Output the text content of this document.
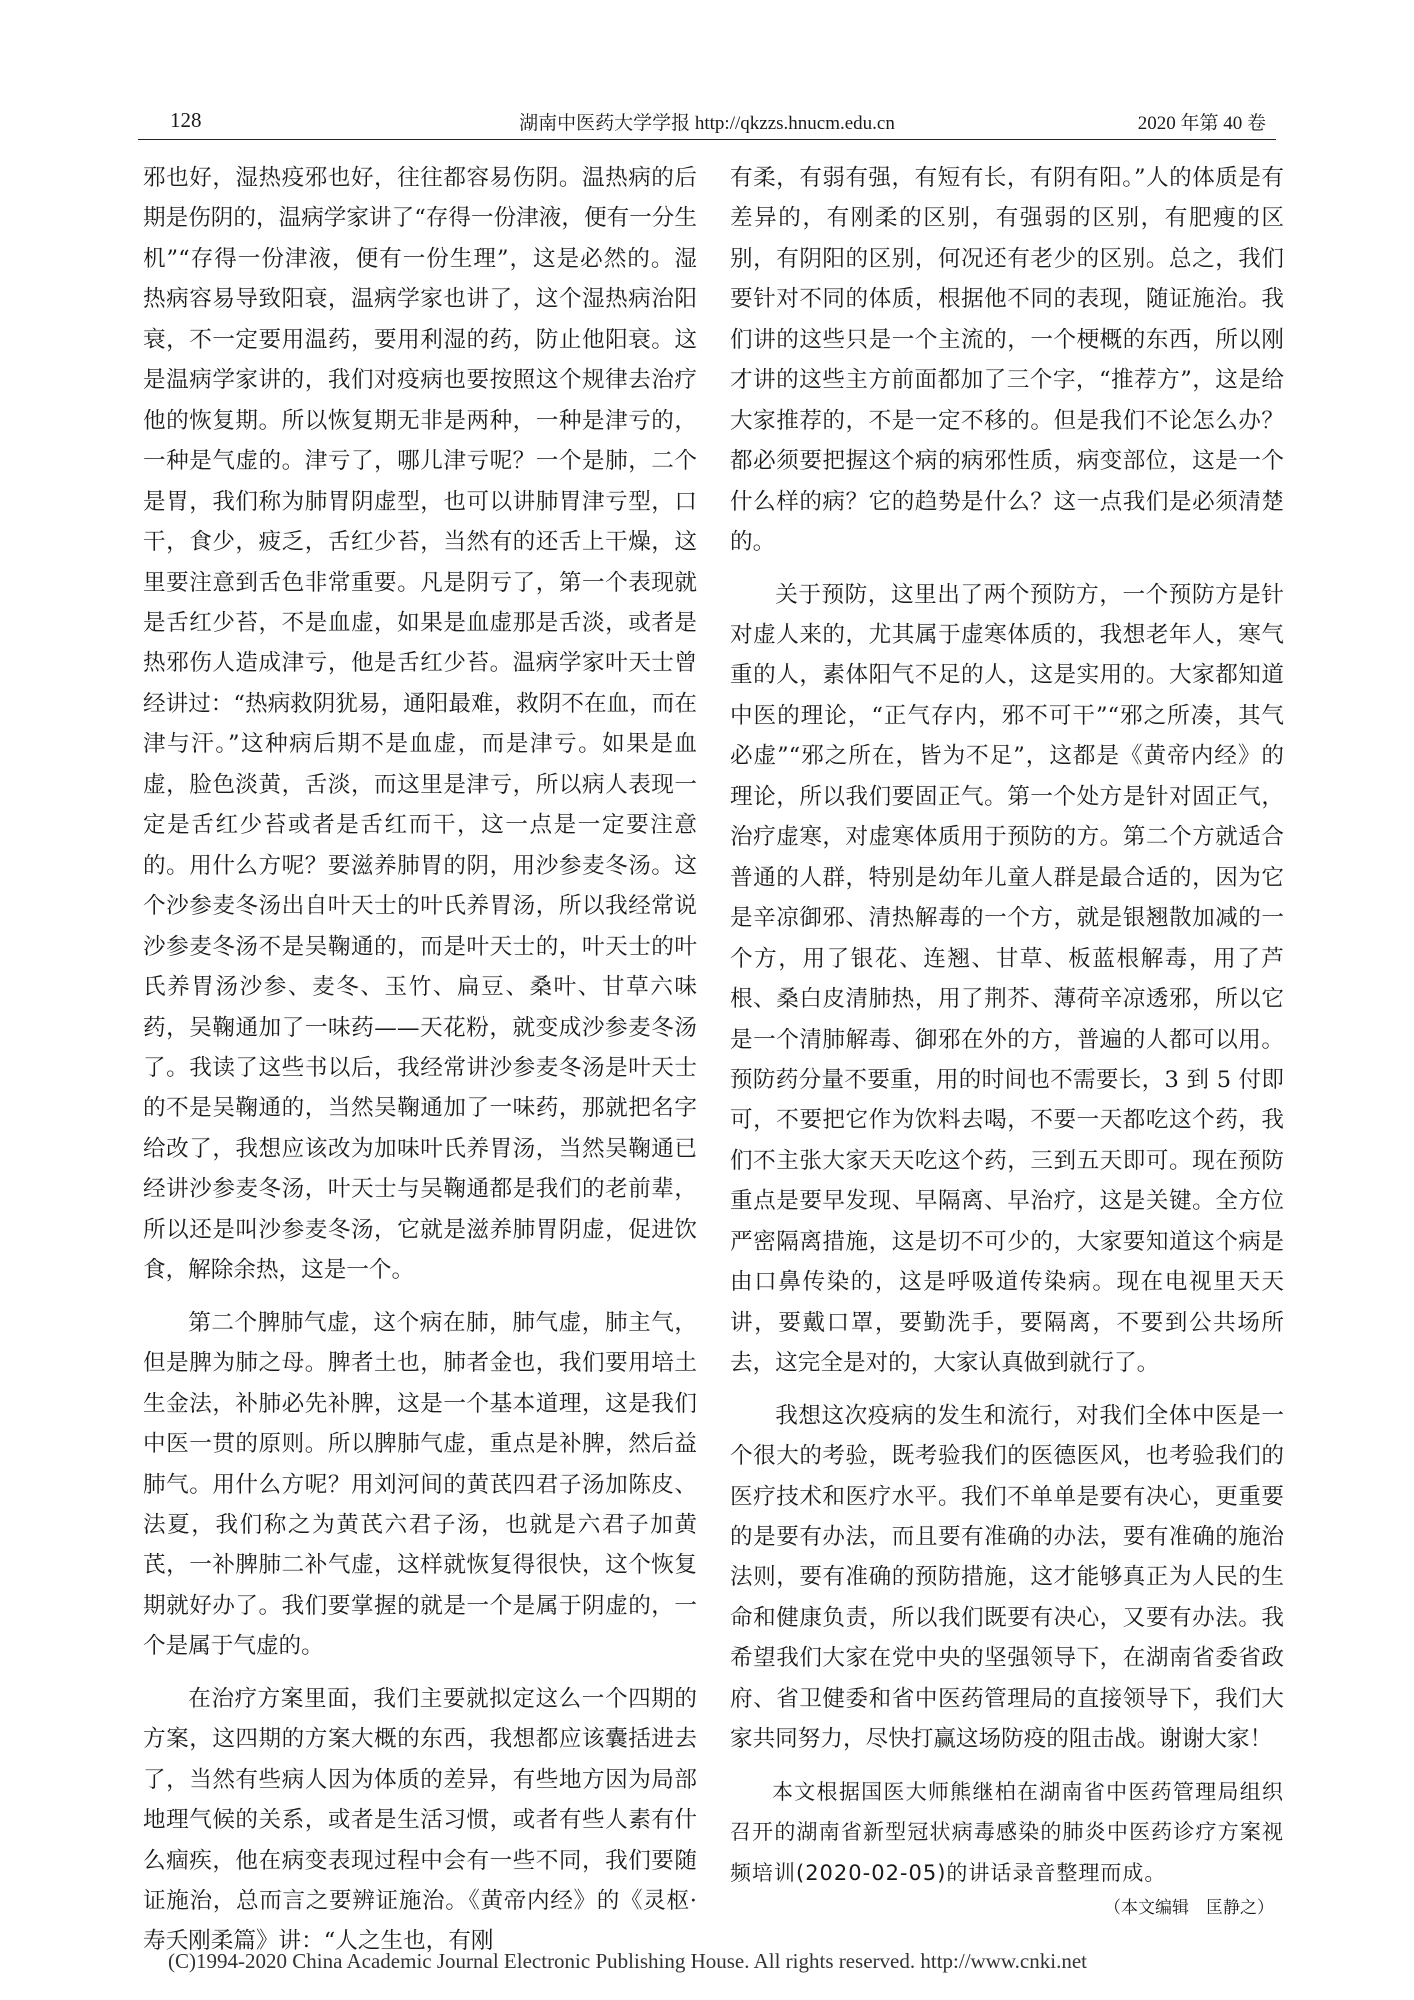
128	湖南中医药大学学报 http://qkzzs.hnucm.edu.cn	2020 年第 40 卷

邪也好，湿热疫邪也好，往往都容易伤阴。温热病的后期是伤阴的，温病学家讲了“存得一份津液，便有一分生机”“存得一份津液，便有一份生理”，这是必然的。湿热病容易导致阳衰，温病学家也讲了，这个湿热病治阳衰，不一定要用温药，要用利湿的药，防止他阳衰。这是温病学家讲的，我们对疫病也要按照这个规律去治疗他的恢复期。所以恢复期无非是两种，一种是津亏的，一种是气虚的。津亏了，哪儿津亏呢？一个是肺，二个是胃，我们称为肺胃阴虚型，也可以讲肺胃津亏型，口干，食少，疲乏，舌红少苔，当然有的还舌上干燥，这里要注意到舌色非常重要。凡是阴亏了，第一个表现就是舌红少苔，不是血虚，如果是血虚那是舌淡，或者是热邪伤人造成津亏，他是舌红少苔。温病学家叶天士曾经讲过：“热病救阴犹易，通阳最难，救阴不在血，而在津与汗。”这种病后期不是血虚，而是津亏。如果是血虚，脸色淡黄，舌淡，而这里是津亏，所以病人表现一定是舌红少苔或者是舌红而干，这一点是一定要注意的。用什么方呢？要滋养肺胃的阴，用沙参麦冬汤。这个沙参麦冬汤出自叶天士的叶氏养胃汤，所以我经常说沙参麦冬汤不是吴鞠通的，而是叶天士的，叶天士的叶氏养胃汤沙参、麦冬、玉竹、扁豆、桑叶、甘草六味药，吴鞠通加了一味药——天花粉，就变成沙参麦冬汤了。我读了这些书以后，我经常讲沙参麦冬汤是叶天士的不是吴鞠通的，当然吴鞠通加了一味药，那就把名字给改了，我想应该改为加味叶氏养胃汤，当然吴鞠通已经讲沙参麦冬汤，叶天士与吴鞠通都是我们的老前辈，所以还是叫沙参麦冬汤，它就是滋养肺胃阴虚，促进饮食，解除余热，这是一个。

第二个脾肺气虚，这个病在肺，肺气虚，肺主气，但是脾为肺之母。脾者土也，肺者金也，我们要用培土生金法，补肺必先补脾，这是一个基本道理，这是我们中医一贯的原则。所以脾肺气虚，重点是补脾，然后益肺气。用什么方呢？用刘河间的黄芪四君子汤加陈皮、法夏，我们称之为黄芪六君子汤，也就是六君子加黄芪，一补脾肺二补气虚，这样就恢复得很快，这个恢复期就好办了。我们要掌握的就是一个是属于阴虚的，一个是属于气虚的。

在治疗方案里面，我们主要就拟定这么一个四期的方案，这四期的方案大概的东西，我想都应该囊括进去了，当然有些病人因为体质的差异，有些地方因为局部地理气候的关系，或者是生活习惯，或者有些人素有什么痼疾，他在病变表现过程中会有一些不同，我们要随证施治，总而言之要辨证施治。《黄帝内经》的《灵枢·寿夭刚柔篇》讲：“人之生也，有刚

有柔，有弱有强，有短有长，有阴有阳。”人的体质是有差异的，有刚柔的区别，有强弱的区别，有肥瘦的区别，有阴阳的区别，何况还有老少的区别。总之，我们要针对不同的体质，根据他不同的表现，随证施治。我们讲的这些只是一个主流的，一个梗概的东西，所以刚才讲的这些主方前面都加了三个字，“推荐方”，这是给大家推荐的，不是一定不移的。但是我们不论怎么办？都必须要把握这个病的病邪性质，病变部位，这是一个什么样的病？它的趋势是什么？这一点我们是必须清楚的。

关于预防，这里出了两个预防方，一个预防方是针对虚人来的，尤其属于虚寒体质的，我想老年人，寒气重的人，素体阳气不足的人，这是实用的。大家都知道中医的理论，“正气存内，邪不可干”“邪之所凑，其气必虚”“邪之所在，皆为不足”，这都是《黄帝内经》的理论，所以我们要固正气。第一个处方是针对固正气，治疗虚寒，对虚寒体质用于预防的方。第二个方就适合普通的人群，特别是幼年儿童人群是最合适的，因为它是辛凉御邪、清热解毒的一个方，就是银翘散加减的一个方，用了银花、连翘、甘草、板蓝根解毒，用了芦根、桑白皮清肺热，用了荆芥、薄荷辛凉透邪，所以它是一个清肺解毒、御邪在外的方，普遍的人都可以用。预防药分量不要重，用的时间也不需要长，3 到 5 付即可，不要把它作为饮料去喝，不要一天都吃这个药，我们不主张大家天天吃这个药，三到五天即可。现在预防重点是要早发现、早隔离、早治疗，这是关键。全方位严密隔离措施，这是切不可少的，大家要知道这个病是由口鼻传染的，这是呼吸道传染病。现在电视里天天讲，要戴口罩，要勤洗手，要隔离，不要到公共场所去，这完全是对的，大家认真做到就行了。

我想这次疫病的发生和流行，对我们全体中医是一个很大的考验，既考验我们的医德医风，也考验我们的医疗技术和医疗水平。我们不单单是要有决心，更重要的是要有办法，而且要有准确的办法，要有准确的施治法则，要有准确的预防措施，这才能够真正为人民的生命和健康负责，所以我们既要有决心，又要有办法。我希望我们大家在党中央的坚强领导下，在湖南省委省政府、省卫健委和省中医药管理局的直接领导下，我们大家共同努力，尽快打赢这场防疫的阻击战。谢谢大家！

本文根据国医大师熊继柏在湖南省中医药管理局组织召开的湖南省新型冠状病毒感染的肺炎中医药诊疗方案视频培训(2020-02-05)的讲话录音整理而成。

（本文编辑　匡静之）

(C)1994-2020 China Academic Journal Electronic Publishing House. All rights reserved. http://www.cnki.net
